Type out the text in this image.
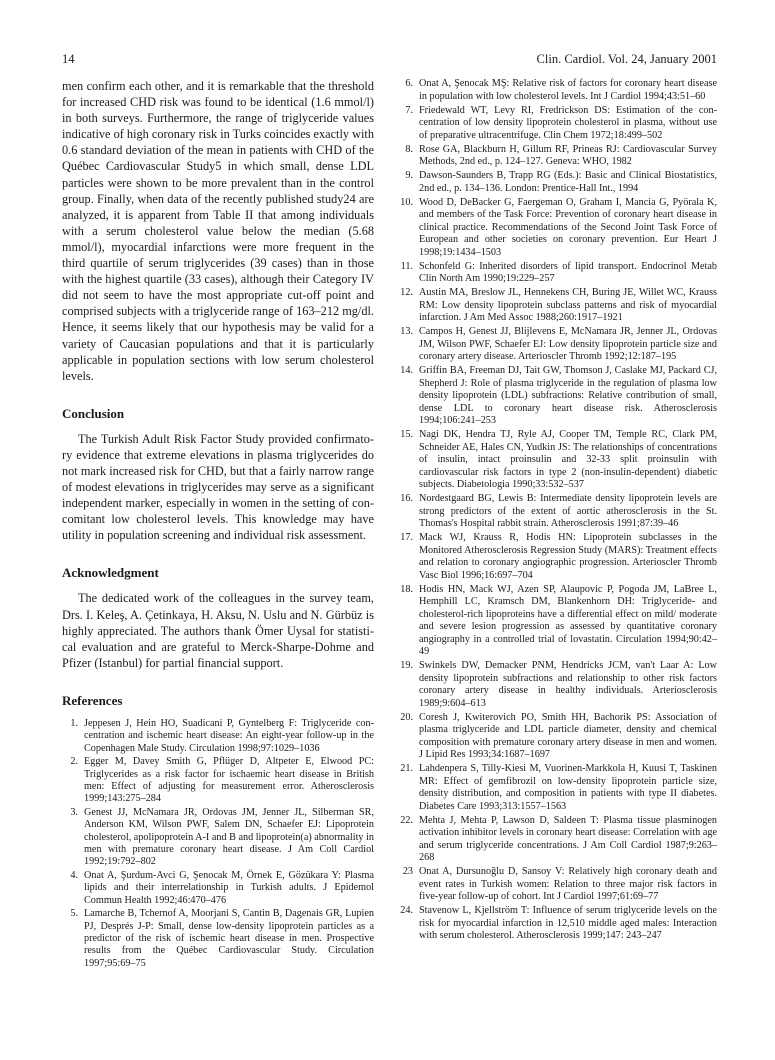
14	Clin. Cardiol. Vol. 24, January 2001

men confirm each other, and it is remarkable that the threshold for increased CHD risk was found to be identical (1.6 mmol/l) in both surveys. Furthermore, the range of triglyceride values indicative of high coronary risk in Turks coincides exactly with 0.6 standard deviation of the mean in patients with CHD of the Québec Cardiovascular Study5 in which small, dense LDL particles were shown to be more prevalent than in the control group. Finally, when data of the recently published study24 are analyzed, it is apparent from Table II that among individuals with a serum cholesterol value below the median (5.68 mmol/l), myocardial infarctions were more frequent in the third quartile of serum triglycerides (39 cases) than in those with the highest quartile (33 cases), although their Category IV did not seem to have the most appropriate cut-off point and comprised subjects with a triglyceride range of 163–212 mg/dl. Hence, it seems likely that our hypothesis may be valid for a variety of Caucasian populations and that it is particularly applicable in population sections with low serum cholesterol levels.

Conclusion

The Turkish Adult Risk Factor Study provided confirmatory evidence that extreme elevations in plasma triglycerides do not mark increased risk for CHD, but that a fairly narrow range of modest elevations in triglycerides may serve as a significant independent marker, especially in women in the setting of concomitant low cholesterol levels. This knowledge may have utility in population screening and individual risk assessment.

Acknowledgment

The dedicated work of the colleagues in the survey team, Drs. I. Keleş, A. Çetinkaya, H. Aksu, N. Uslu and N. Gürbüz is highly appreciated. The authors thank Ömer Uysal for statistical evaluation and are grateful to Merck-Sharpe-Dohme and Pfizer (Istanbul) for partial financial support.

References
1. Jeppesen J, Hein HO, Suadicani P, Gyntelberg F: Triglyceride concentration and ischemic heart disease: An eight-year follow-up in the Copenhagen Male Study. Circulation 1998;97:1029–1036
2. Egger M, Davey Smith G, Pflüger D, Altpeter E, Elwood PC: Triglycerides as a risk factor for ischaemic heart disease in British men: Effect of adjusting for measurement error. Atherosclerosis 1999;143:275–284
3. Genest JJ, McNamara JR, Ordovas JM, Jenner JL, Silberman SR, Anderson KM, Wilson PWF, Salem DN, Schaefer EJ: Lipoprotein cholesterol, apolipoprotein A-I and B and lipoprotein(a) abnormality in men with premature coronary heart disease. J Am Coll Cardiol 1992;19:792–802
4. Onat A, Şurdum-Avci G, Şenocak M, Örnek E, Gözükara Y: Plasma lipids and their interrelationship in Turkish adults. J Epidemol Commun Health 1992;46:470–476
5. Lamarche B, Tchernof A, Moorjani S, Cantin B, Dagenais GR, Lupien PJ, Després J-P: Small, dense low-density lipoprotein particles as a predictor of the risk of ischemic heart disease in men. Prospective results from the Québec Cardiovascular Study. Circulation 1997;95:69–75
6. Onat A, Şenocak MŞ: Relative risk of factors for coronary heart disease in population with low cholesterol levels. Int J Cardiol 1994;43:51–60
7. Friedewald WT, Levy RI, Fredrickson DS: Estimation of the concentration of low density lipoprotein cholesterol in plasma, without use of preparative ultracentrifuge. Clin Chem 1972;18:499–502
8. Rose GA, Blackburn H, Gillum RF, Prineas RJ: Cardiovascular Survey Methods, 2nd ed., p. 124–127. Geneva: WHO, 1982
9. Dawson-Saunders B, Trapp RG (Eds.): Basic and Clinical Biostatistics, 2nd ed., p. 134–136. London: Prentice-Hall Int., 1994
10. Wood D, DeBacker G, Faergeman O, Graham I, Mancia G, Pyörala K, and members of the Task Force: Prevention of coronary heart disease in clinical practice. Recommendations of the Second Joint Task Force of European and other societies on coronary prevention. Eur Heart J 1998;19:1434–1503
11. Schonfeld G: Inherited disorders of lipid transport. Endocrinol Metab Clin North Am 1990;19:229–257
12. Austin MA, Breslow JL, Hennekens CH, Buring JE, Willet WC, Krauss RM: Low density lipoprotein subclass patterns and risk of myocardial infarction. J Am Med Assoc 1988;260:1917–1921
13. Campos H, Genest JJ, Blijlevens E, McNamara JR, Jenner JL, Ordovas JM, Wilson PWF, Schaefer EJ: Low density lipoprotein particle size and coronary artery disease. Arterioscler Thromb 1992;12:187–195
14. Griffin BA, Freeman DJ, Tait GW, Thomson J, Caslake MJ, Packard CJ, Shepherd J: Role of plasma triglyceride in the regulation of plasma low density lipoprotein (LDL) subfractions: Relative contribution of small, dense LDL to coronary heart disease risk. Atherosclerosis 1994;106:241–253
15. Nagi DK, Hendra TJ, Ryle AJ, Cooper TM, Temple RC, Clark PM, Schneider AE, Hales CN, Yudkin JS: The relationships of concentrations of insulin, intact proinsulin and 32-33 split proinsulin with cardiovascular risk factors in type 2 (non-insulin-dependent) diabetic subjects. Diabetologia 1990;33:532–537
16. Nordestgaard BG, Lewis B: Intermediate density lipoprotein levels are strong predictors of the extent of aortic atherosclerosis in the St. Thomas's Hospital rabbit strain. Atherosclerosis 1991;87:39–46
17. Mack WJ, Krauss R, Hodis HN: Lipoprotein subclasses in the Monitored Atherosclerosis Regression Study (MARS): Treatment effects and relation to coronary angiographic progression. Arterioscler Thromb Vasc Biol 1996;16:697–704
18. Hodis HN, Mack WJ, Azen SP, Alaupovic P, Pogoda JM, LaBree L, Hemphill LC, Kramsch DM, Blankenhorn DH: Triglyceride- and cholesterol-rich lipoproteins have a differential effect on mild/ moderate and severe lesion progression as assessed by quantitative coronary angiography in a controlled trial of lovastatin. Circulation 1994;90:42–49
19. Swinkels DW, Demacker PNM, Hendricks JCM, van't Laar A: Low density lipoprotein subfractions and relationship to other risk factors coronary artery disease in healthy individuals. Arteriosclerosis 1989;9:604–613
20. Coresh J, Kwiterovich PO, Smith HH, Bachorik PS: Association of plasma triglyceride and LDL particle diameter, density and chemical composition with premature coronary artery disease in men and women. J Lipid Res 1993;34:1687–1697
21. Lahdenpera S, Tilly-Kiesi M, Vuorinen-Markkola H, Kuusi T, Taskinen MR: Effect of gemfibrozil on low-density lipoprotein particle size, density distribution, and composition in patients with type II diabetes. Diabetes Care 1993;313:1557–1563
22. Mehta J, Mehta P, Lawson D, Saldeen T: Plasma tissue plasminogen activation inhibitor levels in coronary heart disease: Correlation with age and serum triglyceride concentrations. J Am Coll Cardiol 1987;9:263–268
23 Onat A, Dursunoğlu D, Sansoy V: Relatively high coronary death and event rates in Turkish women: Relation to three major risk factors in five-year follow-up of cohort. Int J Cardiol 1997;61:69–77
24. Stavenow L, Kjellström T: Influence of serum triglyceride levels on the risk for myocardial infarction in 12,510 middle aged males: Interaction with serum cholesterol. Atherosclerosis 1999;147: 243–247
